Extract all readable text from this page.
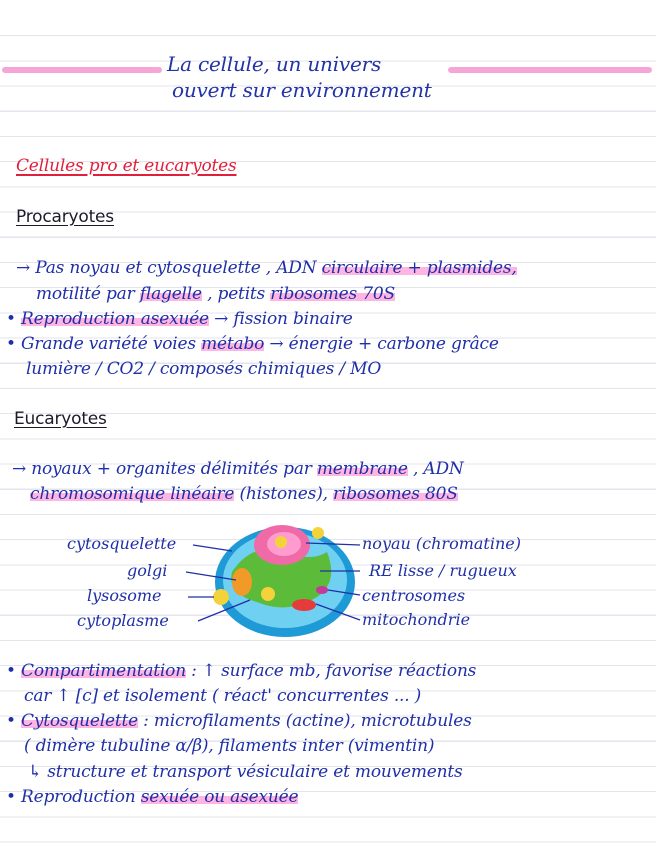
La cellule, un univers
ouvert sur environnement
Cellules pro et eucaryotes
Procaryotes
→ Pas noyau et cytosquelette , ADN circulaire + plasmides,
motilité par flagelle , petits ribosomes 70S
• Reproduction asexuée → fission binaire
• Grande variété voies métabo → énergie + carbone grâce
lumière / CO2 / composés chimiques / MO
Eucaryotes
→ noyaux + organites délimités par membrane , ADN
chromosomique linéaire (histones), ribosomes 80S
cytosquelette
golgi
lysosome
cytoplasme
noyau (chromatine)
RE lisse / rugueux
centrosomes
mitochondrie
• Compartimentation : ↑ surface mb, favorise réactions
car ↑ [c] et isolement ( réact' concurrentes ... )
• Cytosquelette : microfilaments (actine), microtubules
( dimère tubuline α/β), filaments inter (vimentin)
↳ structure et transport vésiculaire et mouvements
• Reproduction sexuée ou asexuée
